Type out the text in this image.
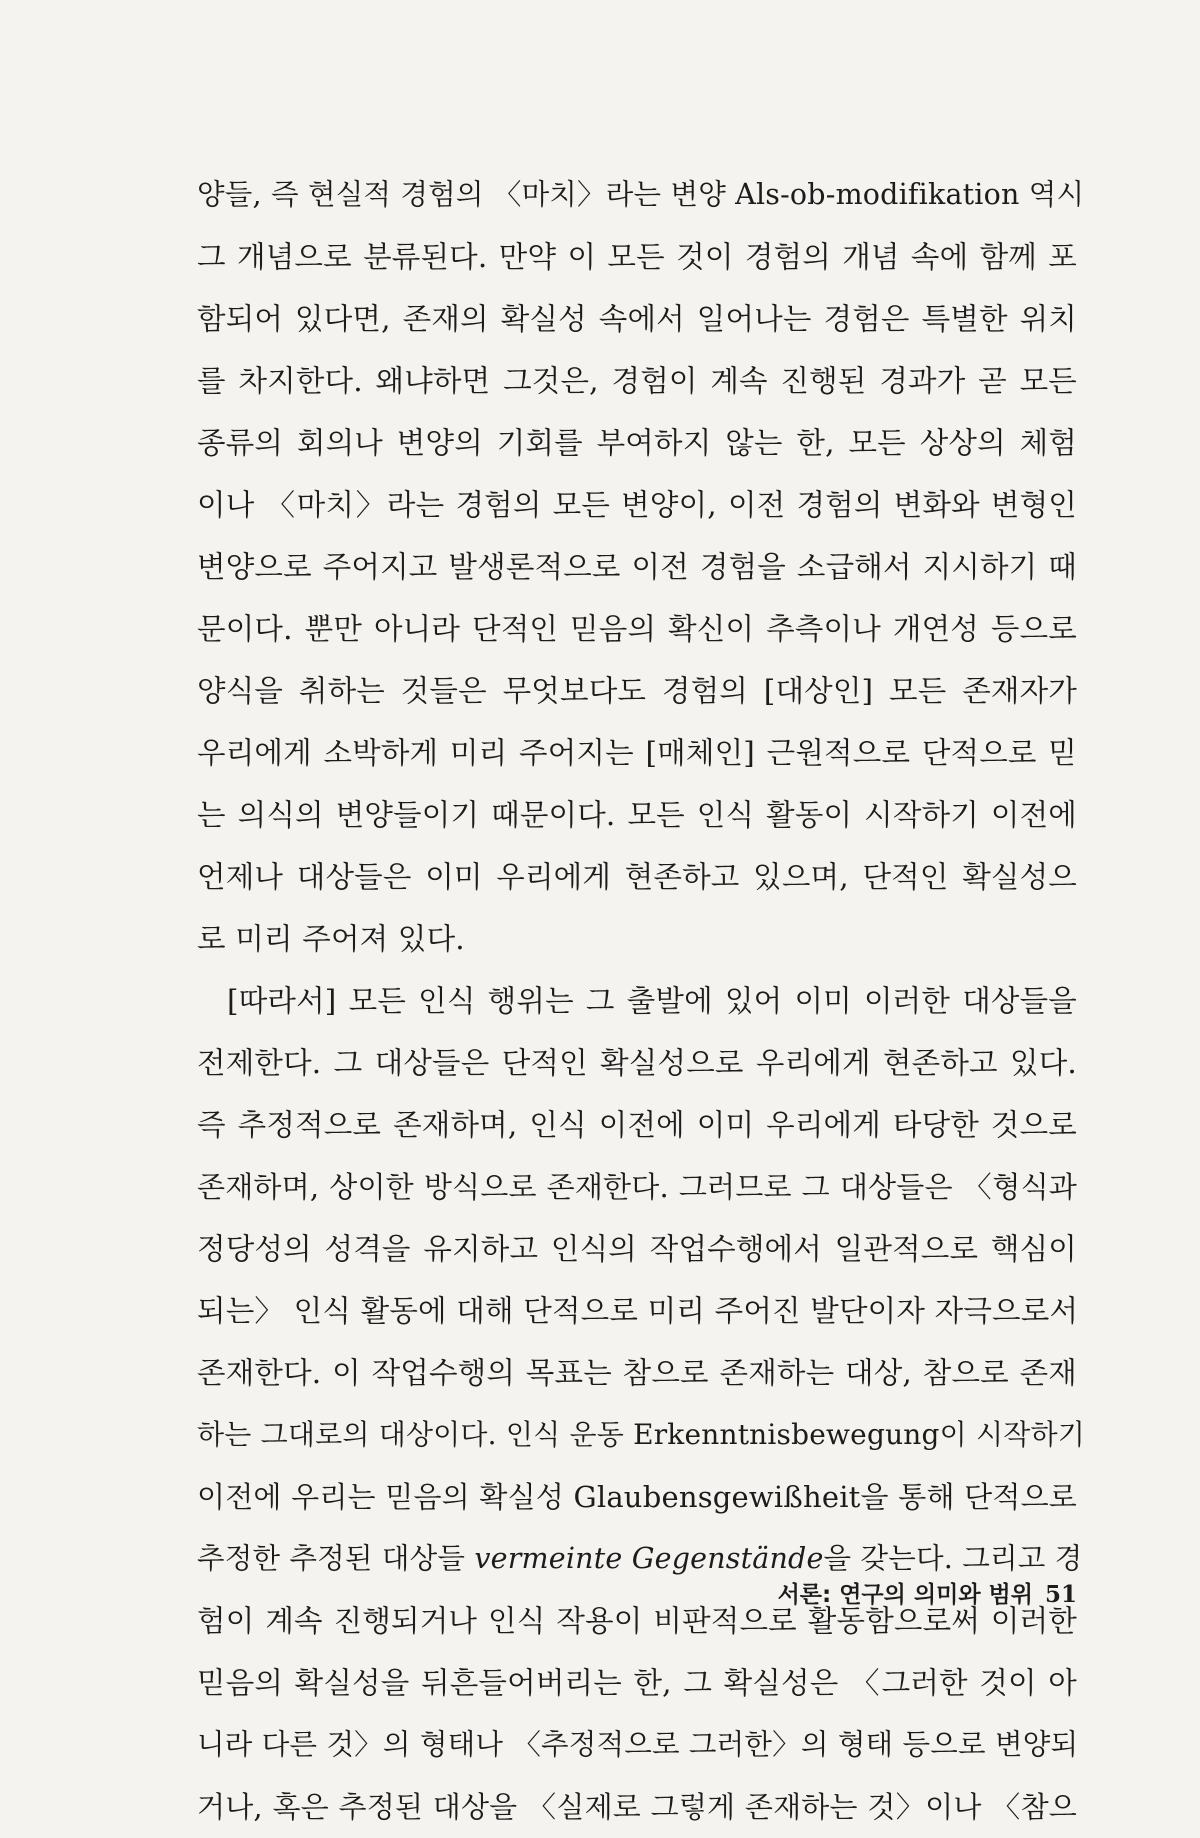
양들, 즉 현실적 경험의 〈마치〉라는 변양 Als-ob-modifikation 역시
그 개념으로 분류된다. 만약 이 모든 것이 경험의 개념 속에 함께 포
함되어 있다면, 존재의 확실성 속에서 일어나는 경험은 특별한 위치
를 차지한다. 왜냐하면 그것은, 경험이 계속 진행된 경과가 곧 모든
종류의 회의나 변양의 기회를 부여하지 않는 한, 모든 상상의 체험
이나 〈마치〉라는 경험의 모든 변양이, 이전 경험의 변화와 변형인
변양으로 주어지고 발생론적으로 이전 경험을 소급해서 지시하기 때
문이다. 뿐만 아니라 단적인 믿음의 확신이 추측이나 개연성 등으로
양식을 취하는 것들은 무엇보다도 경험의 [대상인] 모든 존재자가
우리에게 소박하게 미리 주어지는 [매체인] 근원적으로 단적으로 믿
는 의식의 변양들이기 때문이다. 모든 인식 활동이 시작하기 이전에
언제나 대상들은 이미 우리에게 현존하고 있으며, 단적인 확실성으
로 미리 주어져 있다.
[따라서] 모든 인식 행위는 그 출발에 있어 이미 이러한 대상들을
전제한다. 그 대상들은 단적인 확실성으로 우리에게 현존하고 있다.
즉 추정적으로 존재하며, 인식 이전에 이미 우리에게 타당한 것으로
존재하며, 상이한 방식으로 존재한다. 그러므로 그 대상들은 〈형식과
정당성의 성격을 유지하고 인식의 작업수행에서 일관적으로 핵심이
되는〉 인식 활동에 대해 단적으로 미리 주어진 발단이자 자극으로서
존재한다. 이 작업수행의 목표는 참으로 존재하는 대상, 참으로 존재
하는 그대로의 대상이다. 인식 운동 Erkenntnisbewegung이 시작하기
이전에 우리는 믿음의 확실성 Glaubensgewißheit을 통해 단적으로
추정한 추정된 대상들 vermeinte Gegenstände을 갖는다. 그리고 경
험이 계속 진행되거나 인식 작용이 비판적으로 활동함으로써 이러한
믿음의 확실성을 뒤흔들어버리는 한, 그 확실성은 〈그러한 것이 아
니라 다른 것〉의 형태나 〈추정적으로 그러한〉의 형태 등으로 변양되
거나, 혹은 추정된 대상을 〈실제로 그렇게 존재하는 것〉이나 〈참으
서론: 연구의 의미와 범위 51
